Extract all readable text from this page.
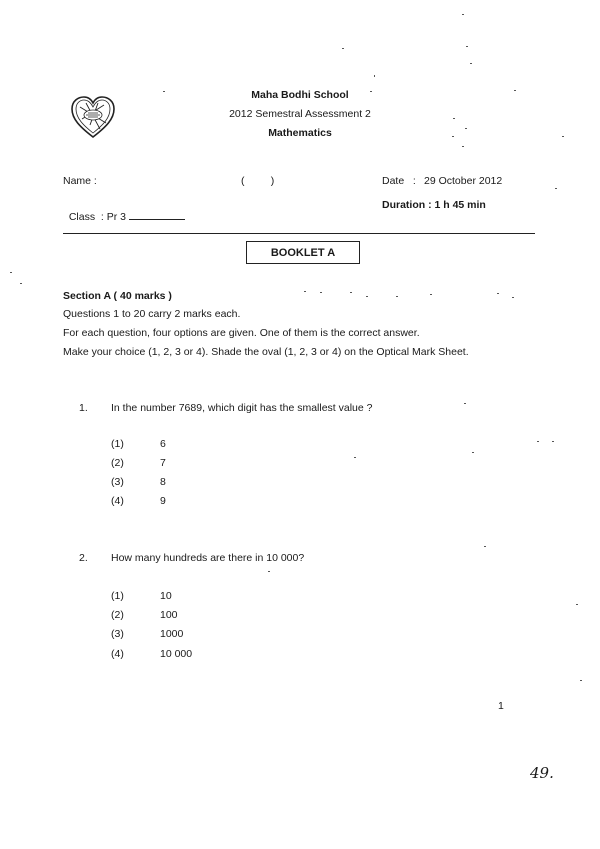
Maha Bodhi School
2012 Semestral Assessment 2
Mathematics
Name :	(         )	Date   : 29 October 2012

Class  : Pr 3

Duration : 1 h 45 min
BOOKLET A
Section A ( 40 marks )
Questions 1 to 20 carry 2 marks each.
For each question, four options are given. One of them is the correct answer.
Make your choice (1, 2, 3 or 4). Shade the oval (1, 2, 3 or 4) on the Optical Mark Sheet.
1. In the number 7689, which digit has the smallest value ?
(1)	6
(2)	7
(3)	8
(4)	9
2. How many hundreds are there in 10 000?
(1)	10
(2)	100
(3)	1000
(4)	10 000
1
49.
